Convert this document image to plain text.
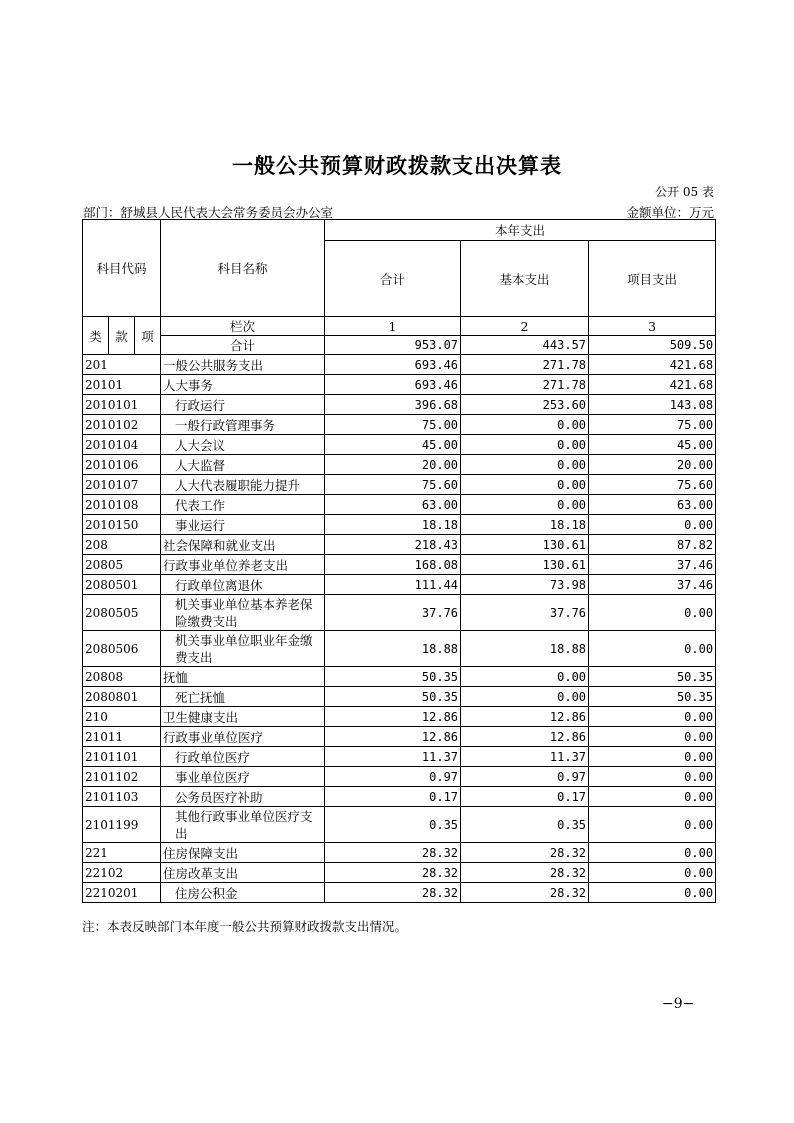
一般公共预算财政拨款支出决算表
公开 05 表
部门：舒城县人民代表大会常务委员会办公室	金额单位：万元
科目代码			科目名称	本年支出		
				合计	基本支出	项目支出
类	款	项	栏次	1	2	3
			合计	953.07	443.57	509.50
201			一般公共服务支出	693.46	271.78	421.68
20101			人大事务	693.46	271.78	421.68
2010101			行政运行	396.68	253.60	143.08
2010102			一般行政管理事务	75.00	0.00	75.00
2010104			人大会议	45.00	0.00	45.00
2010106			人大监督	20.00	0.00	20.00
2010107			人大代表履职能力提升	75.60	0.00	75.60
2010108			代表工作	63.00	0.00	63.00
2010150			事业运行	18.18	18.18	0.00
208			社会保障和就业支出	218.43	130.61	87.82
20805			行政事业单位养老支出	168.08	130.61	37.46
2080501			行政单位离退休	111.44	73.98	37.46
2080505			机关事业单位基本养老保险缴费支出	37.76	37.76	0.00
2080506			机关事业单位职业年金缴费支出	18.88	18.88	0.00
20808			抚恤	50.35	0.00	50.35
2080801			死亡抚恤	50.35	0.00	50.35
210			卫生健康支出	12.86	12.86	0.00
21011			行政事业单位医疗	12.86	12.86	0.00
2101101			行政单位医疗	11.37	11.37	0.00
2101102			事业单位医疗	0.97	0.97	0.00
2101103			公务员医疗补助	0.17	0.17	0.00
2101199			其他行政事业单位医疗支出	0.35	0.35	0.00
221			住房保障支出	28.32	28.32	0.00
22102			住房改革支出	28.32	28.32	0.00
2210201			住房公积金	28.32	28.32	0.00
注：本表反映部门本年度一般公共预算财政拨款支出情况。
−9−
